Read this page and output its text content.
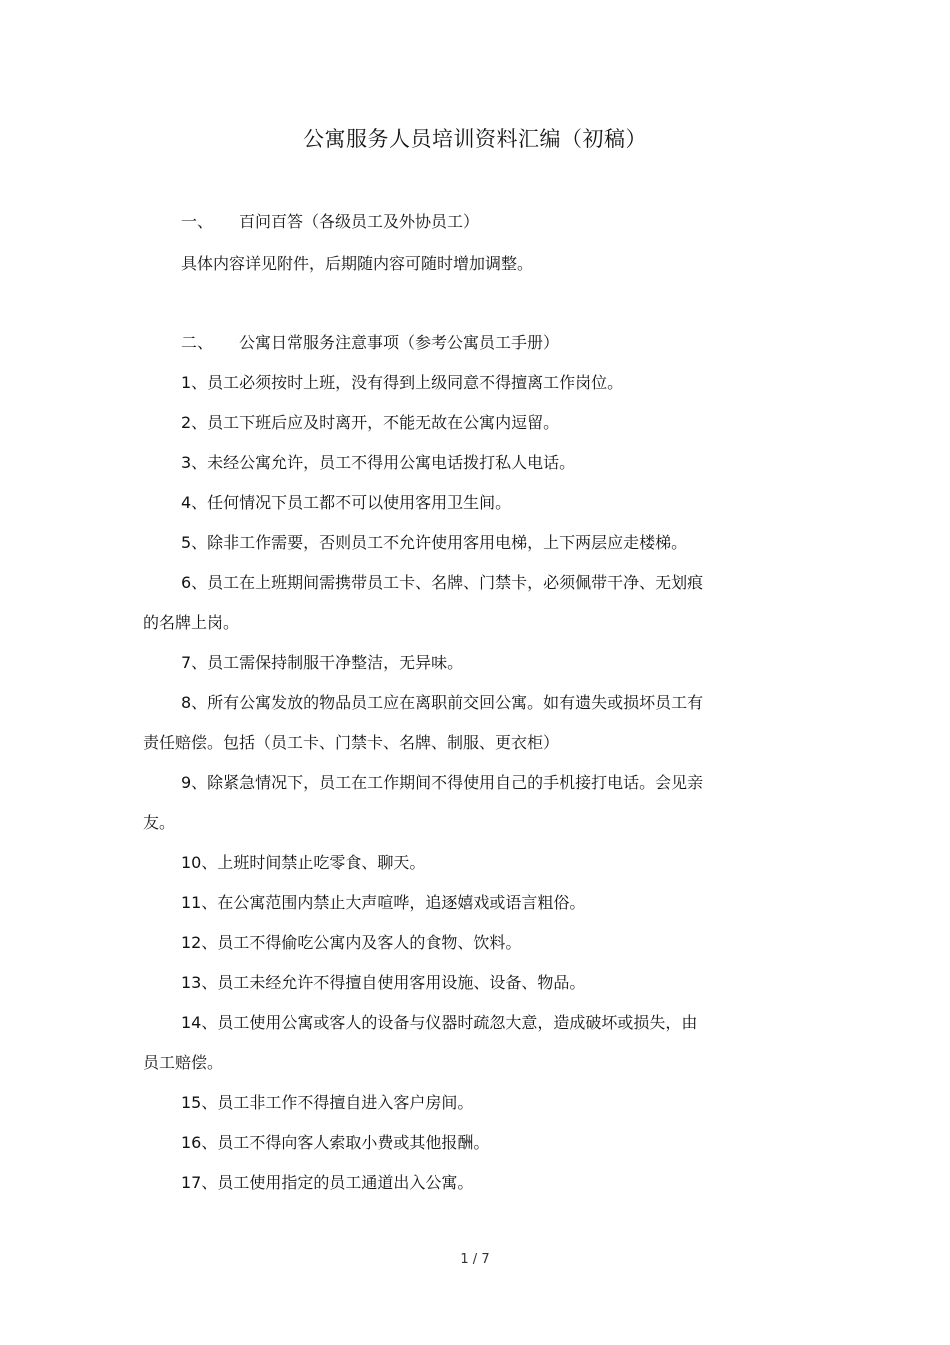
公寓服务人员培训资料汇编（初稿）
一、 百问百答（各级员工及外协员工）
具体内容详见附件，后期随内容可随时增加调整。
二、 公寓日常服务注意事项（参考公寓员工手册）
1、员工必须按时上班，没有得到上级同意不得擅离工作岗位。
2、员工下班后应及时离开，不能无故在公寓内逗留。
3、未经公寓允许，员工不得用公寓电话拨打私人电话。
4、任何情况下员工都不可以使用客用卫生间。
5、除非工作需要，否则员工不允许使用客用电梯，上下两层应走楼梯。
6、员工在上班期间需携带员工卡、名牌、门禁卡，必须佩带干净、无划痕
的名牌上岗。
7、员工需保持制服干净整洁，无异味。
8、所有公寓发放的物品员工应在离职前交回公寓。如有遗失或损坏员工有
责任赔偿。包括（员工卡、门禁卡、名牌、制服、更衣柜）
9、除紧急情况下，员工在工作期间不得使用自己的手机接打电话。会见亲
友。
10、上班时间禁止吃零食、聊天。
11、在公寓范围内禁止大声喧哗，追逐嬉戏或语言粗俗。
12、员工不得偷吃公寓内及客人的食物、饮料。
13、员工未经允许不得擅自使用客用设施、设备、物品。
14、员工使用公寓或客人的设备与仪器时疏忽大意，造成破坏或损失，由
员工赔偿。
15、员工非工作不得擅自进入客户房间。
16、员工不得向客人索取小费或其他报酬。
17、员工使用指定的员工通道出入公寓。
1 / 7
